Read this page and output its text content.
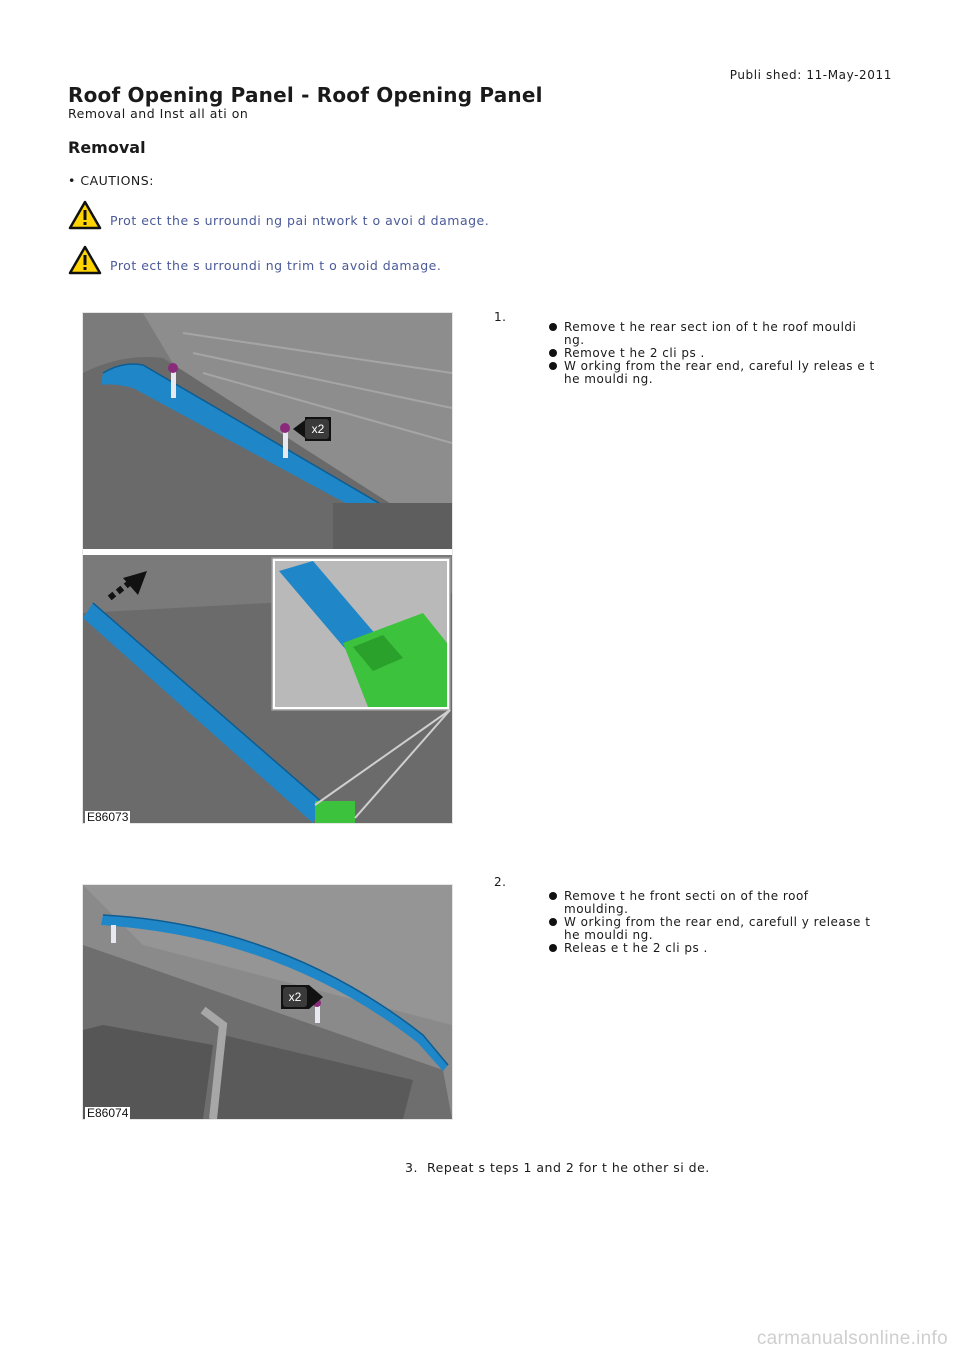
Publi shed: 11-May-2011
Roof Opening Panel - Roof Opening Panel
Removal and Inst all ati on
Removal
• CAUTIONS:
Prot ect the s urroundi ng pai ntwork t o avoi d damage.
Prot ect the s urroundi ng trim t o avoid damage.
E86073
x2
1.
Remove t he rear sect ion of t he roof mouldi ng.
Remove t he 2 cli ps .
W orking from the rear end, careful ly releas e t he mouldi ng.
E86074
x2
2.
Remove t he front secti on of the roof moulding.
W orking from the rear end, carefull y release t he mouldi ng.
Releas e t he 2 cli ps .
3. Repeat s teps 1 and 2 for t he other si de.
carmanualsonline.info
